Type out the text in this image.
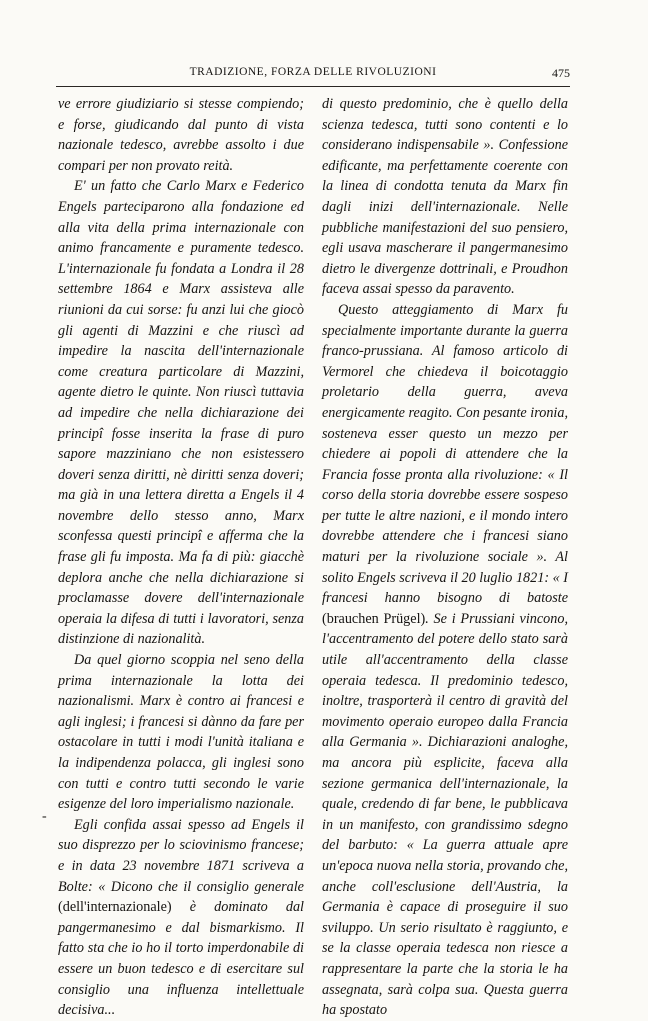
TRADIZIONE, FORZA DELLE RIVOLUZIONI	475

ve errore giudiziario si stesse compiendo; e forse, giudicando dal punto di vista nazionale tedesco, avrebbe assolto i due compari per non provato reità.

E' un fatto che Carlo Marx e Federico Engels parteciparono alla fondazione ed alla vita della prima internazionale con animo francamente e puramente tedesco. L'internazionale fu fondata a Londra il 28 settembre 1864 e Marx assisteva alle riunioni da cui sorse: fu anzi lui che giocò gli agenti di Mazzini e che riuscì ad impedire la nascita dell'internazionale come creatura particolare di Mazzini, agente dietro le quinte. Non riuscì tuttavia ad impedire che nella dichiarazione dei principî fosse inserita la frase di puro sapore mazziniano che non esistessero doveri senza diritti, nè diritti senza doveri; ma già in una lettera diretta a Engels il 4 novembre dello stesso anno, Marx sconfessa questi principî e afferma che la frase gli fu imposta. Ma fa di più: giacchè deplora anche che nella dichiarazione si proclamasse dovere dell'internazionale operaia la difesa di tutti i lavoratori, senza distinzione di nazionalità.

Da quel giorno scoppia nel seno della prima internazionale la lotta dei nazionalismi. Marx è contro ai francesi e agli inglesi; i francesi si dànno da fare per ostacolare in tutti i modi l'unità italiana e la indipendenza polacca, gli inglesi sono con tutti e contro tutti secondo le varie esigenze del loro imperialismo nazionale.

Egli confida assai spesso ad Engels il suo disprezzo per lo sciovinismo francese; e in data 23 novembre 1871 scriveva a Bolte: « Dicono che il consiglio generale (dell'internazionale) è dominato dal pangermanesimo e dal bismarkismo. Il fatto sta che io ho il torto imperdonabile di essere un buon tedesco e di esercitare sul consiglio una influenza intellettuale decisiva...

‑

di questo predominio, che è quello della scienza tedesca, tutti sono contenti e lo considerano indispensabile ». Confessione edificante, ma perfettamente coerente con la linea di condotta tenuta da Marx fin dagli inizi dell'internazionale. Nelle pubbliche manifestazioni del suo pensiero, egli usava mascherare il pangermanesimo dietro le divergenze dottrinali, e Proudhon faceva assai spesso da paravento.

Questo atteggiamento di Marx fu specialmente importante durante la guerra franco-prussiana. Al famoso articolo di Vermorel che chiedeva il boicotaggio proletario della guerra, aveva energicamente reagito. Con pesante ironia, sosteneva esser questo un mezzo per chiedere ai popoli di attendere che la Francia fosse pronta alla rivoluzione: « Il corso della storia dovrebbe essere sospeso per tutte le altre nazioni, e il mondo intero dovrebbe attendere che i francesi siano maturi per la rivoluzione sociale ». Al solito Engels scriveva il 20 luglio 1821: « I francesi hanno bisogno di batoste (brauchen Prügel). Se i Prussiani vincono, l'accentramento del potere dello stato sarà utile all'accentramento della classe operaia tedesca. Il predominio tedesco, inoltre, trasporterà il centro di gravità del movimento operaio europeo dalla Francia alla Germania ». Dichiarazioni analoghe, ma ancora più esplicite, faceva alla sezione germanica dell'internazionale, la quale, credendo di far bene, le pubblicava in un manifesto, con grandissimo sdegno del barbuto: « La guerra attuale apre un'epoca nuova nella storia, provando che, anche coll'esclusione dell'Austria, la Germania è capace di proseguire il suo sviluppo. Un serio risultato è raggiunto, e se la classe operaia tedesca non riesce a rappresentare la parte che la storia le ha assegnata, sarà colpa sua. Questa guerra ha spostato
